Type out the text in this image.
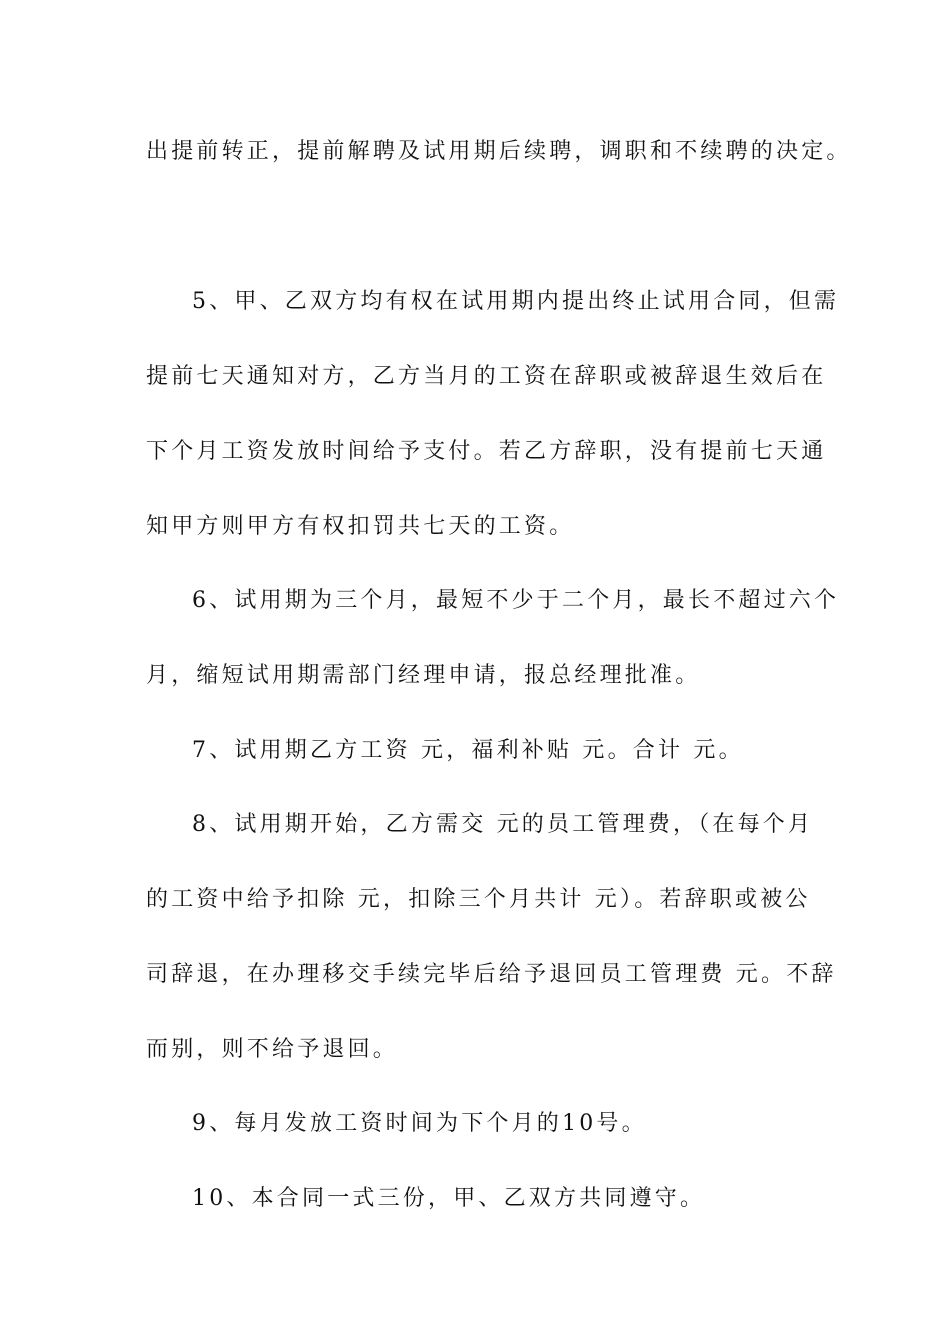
出提前转正，提前解聘及试用期后续聘，调职和不续聘的决定。
5、甲、乙双方均有权在试用期内提出终止试用合同，但需
提前七天通知对方，乙方当月的工资在辞职或被辞退生效后在
下个月工资发放时间给予支付。若乙方辞职，没有提前七天通
知甲方则甲方有权扣罚共七天的工资。
6、试用期为三个月，最短不少于二个月，最长不超过六个
月，缩短试用期需部门经理申请，报总经理批准。
7、试用期乙方工资 元，福利补贴 元。合计 元。
8、试用期开始，乙方需交 元的员工管理费，（在每个月
的工资中给予扣除 元，扣除三个月共计 元）。若辞职或被公
司辞退，在办理移交手续完毕后给予退回员工管理费 元。不辞
而别，则不给予退回。
9、每月发放工资时间为下个月的10号。
10、本合同一式三份，甲、乙双方共同遵守。
